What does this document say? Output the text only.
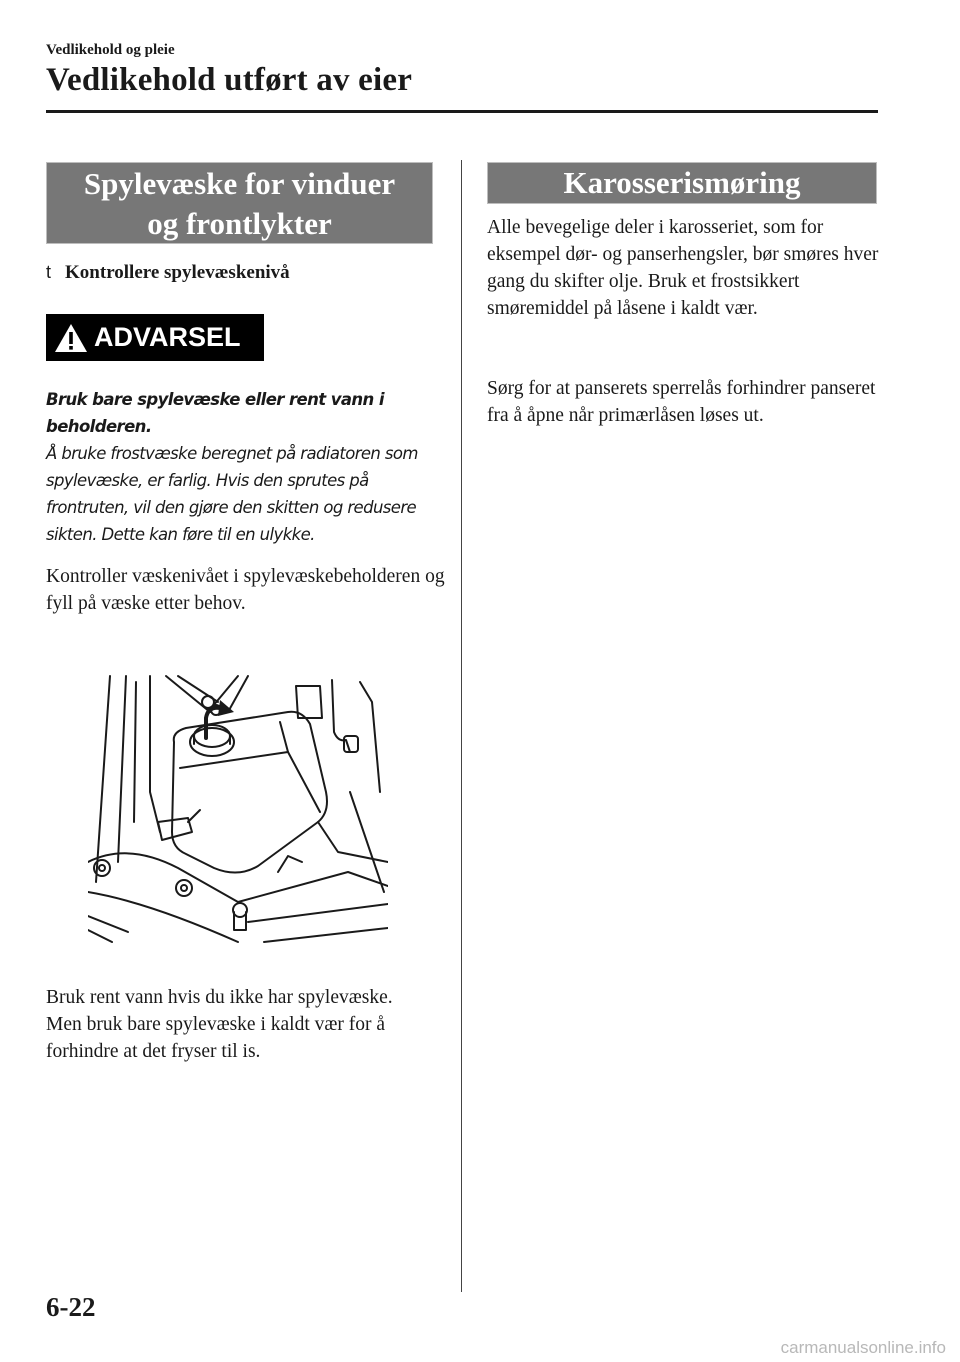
Vedlikehold og pleie
Vedlikehold utført av eier
Spylevæske for vinduer
og frontlykter
t Kontrollere spylevæskenivå
ADVARSEL
Bruk bare spylevæske eller rent vann i beholderen.
Å bruke frostvæske beregnet på radiatoren som spylevæske, er farlig. Hvis den sprutes på frontruten, vil den gjøre den skitten og redusere sikten. Dette kan føre til en ulykke.
Kontroller væskenivået i spylevæskebeholderen og fyll på væske etter behov.
Bruk rent vann hvis du ikke har spylevæske.
Men bruk bare spylevæske i kaldt vær for å forhindre at det fryser til is.
Karosserismøring
Alle bevegelige deler i karosseriet, som for eksempel dør- og panserhengsler, bør smøres hver gang du skifter olje. Bruk et frostsikkert smøremiddel på låsene i kaldt vær.
Sørg for at panserets sperrelås forhindrer panseret fra å åpne når primærlåsen løses ut.
6-22
carmanualsonline.info
